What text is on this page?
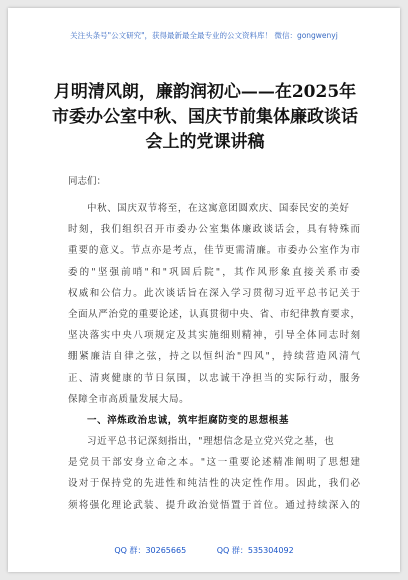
关注头条号"公文研究"，获得最新最全最专业的公文资料库！ 微信：gongwenyj
月明清风朗，廉韵润初心——在2025年
市委办公室中秋、国庆节前集体廉政谈话
会上的党课讲稿
同志们：
中秋、国庆双节将至，在这寓意团圆欢庆、国泰民安的美好
时刻，我们组织召开市委办公室集体廉政谈话会，具有特殊而
重要的意义。节点亦是考点，佳节更需清廉。市委办公室作为市
委的"坚强前哨"和"巩固后院"，其作风形象直接关系市委
权威和公信力。此次谈话旨在深入学习贯彻习近平总书记关于
全面从严治党的重要论述，认真贯彻中央、省、市纪律教育要求，
坚决落实中央八项规定及其实施细则精神，引导全体同志时刻
绷紧廉洁自律之弦，持之以恒纠治"四风"，持续营造风清气
正、清爽健康的节日氛围，以忠诚干净担当的实际行动，服务
保障全市高质量发展大局。
一、淬炼政治忠诚，筑牢拒腐防变的思想根基
习近平总书记深刻指出，"理想信念是立党兴党之基，也
是党员干部安身立命之本。"这一重要论述精准阐明了思想建
设对于保持党的先进性和纯洁性的决定性作用。因此，我们必
须将强化理论武装、提升政治觉悟置于首位。通过持续深入的
QQ 群：30265665	QQ 群：535304092
